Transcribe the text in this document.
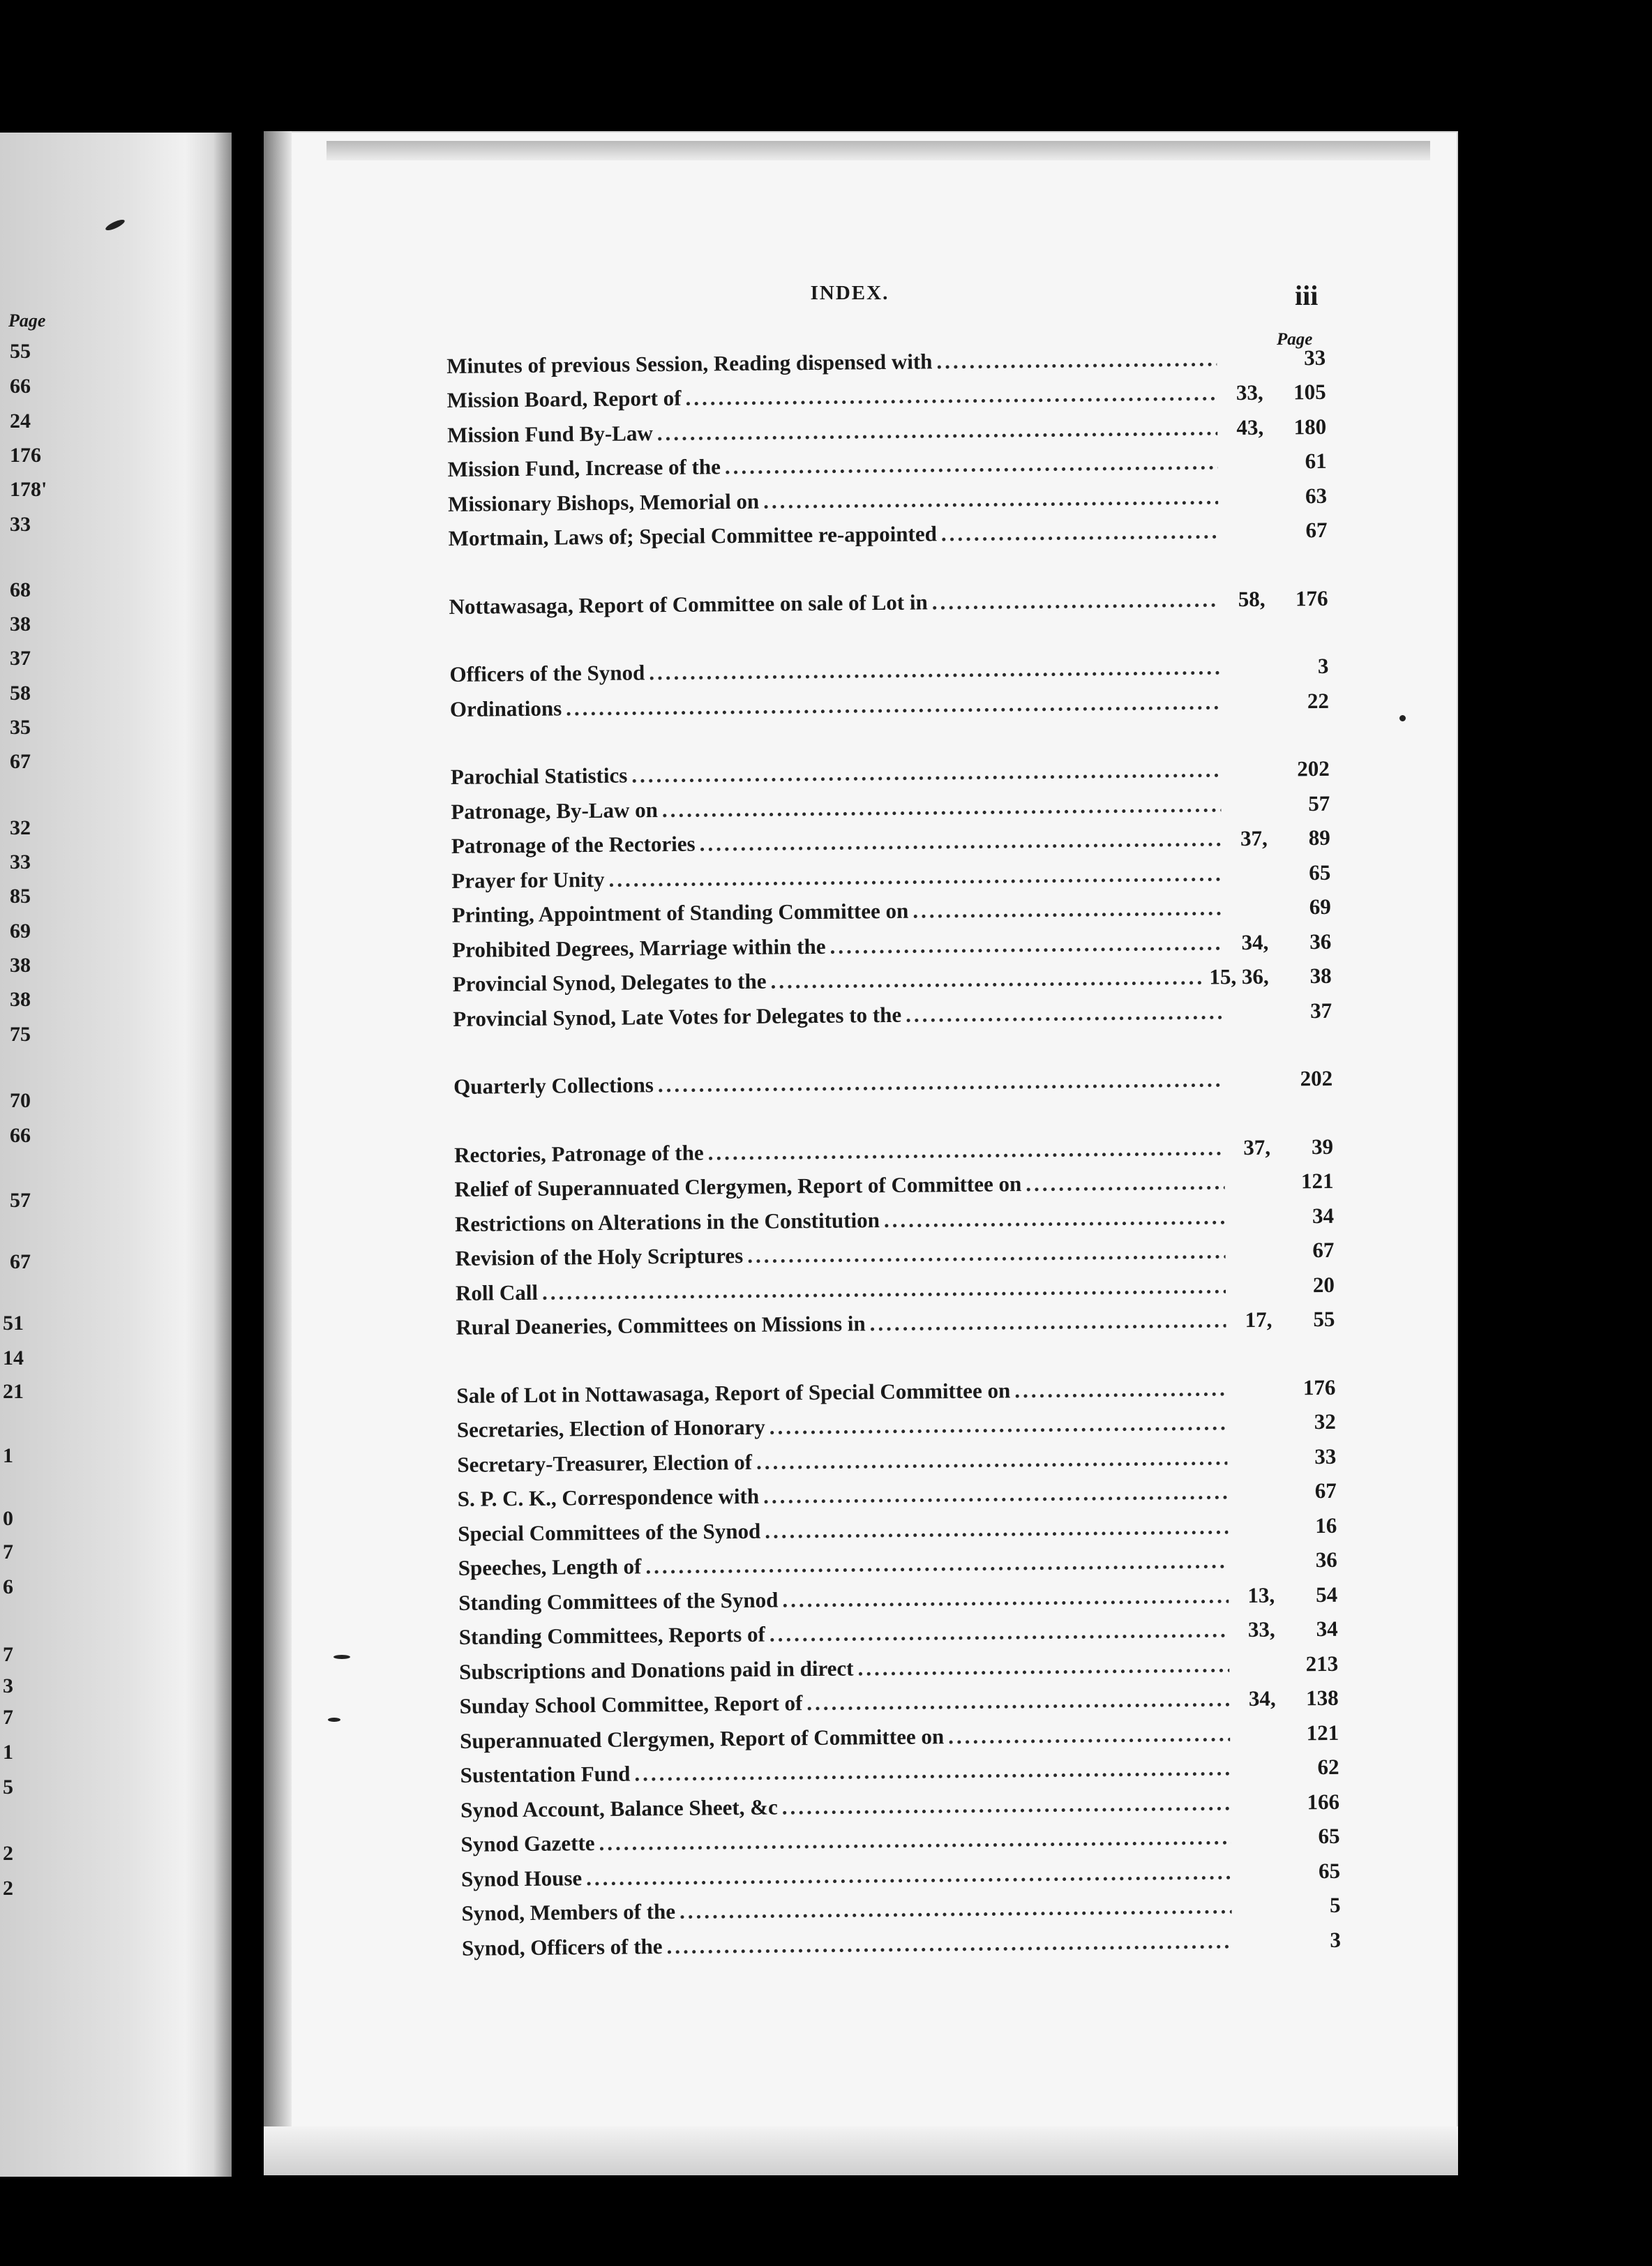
Page
55
66
24
176
178'
33
68
38
37
58
35
67
32
33
85
69
38
38
75
70
66
57
67
51
14
21
1
0
7
6
7
3
7
1
5
2
2
INDEX.	iii
Page
Minutes of previous Session, Reading dispensed with .....	33
Mission Board, Report of .....	33,	105
Mission Fund By-Law .....	43,	180
Mission Fund, Increase of the .....	61
Missionary Bishops, Memorial on .....	63
Mortmain, Laws of; Special Committee re-appointed .....	67
Nottawasaga, Report of Committee on sale of Lot in .....	58,	176
Officers of the Synod .....	3
Ordinations .....	22
Parochial Statistics .....	202
Patronage, By-Law on .....	57
Patronage of the Rectories .....	37,	89
Prayer for Unity .....	65
Printing, Appointment of Standing Committee on .....	69
Prohibited Degrees, Marriage within the .....	34,	36
Provincial Synod, Delegates to the .....	15, 36,	38
Provincial Synod, Late Votes for Delegates to the .....	37
Quarterly Collections .....	202
Rectories, Patronage of the .....	37,	39
Relief of Superannuated Clergymen, Report of Committee on .....	121
Restrictions on Alterations in the Constitution .....	34
Revision of the Holy Scriptures .....	67
Roll Call .....	20
Rural Deaneries, Committees on Missions in .....	17,	55
Sale of Lot in Nottawasaga, Report of Special Committee on .....	176
Secretaries, Election of Honorary .....	32
Secretary-Treasurer, Election of .....	33
S. P. C. K., Correspondence with .....	67
Special Committees of the Synod .....	16
Speeches, Length of .....	36
Standing Committees of the Synod .....	13,	54
Standing Committees, Reports of .....	33,	34
Subscriptions and Donations paid in direct .....	213
Sunday School Committee, Report of .....	34,	138
Superannuated Clergymen, Report of Committee on .....	121
Sustentation Fund .....	62
Synod Account, Balance Sheet, &c .....	166
Synod Gazette .....	65
Synod House .....	65
Synod, Members of the .....	5
Synod, Officers of the .....	3
